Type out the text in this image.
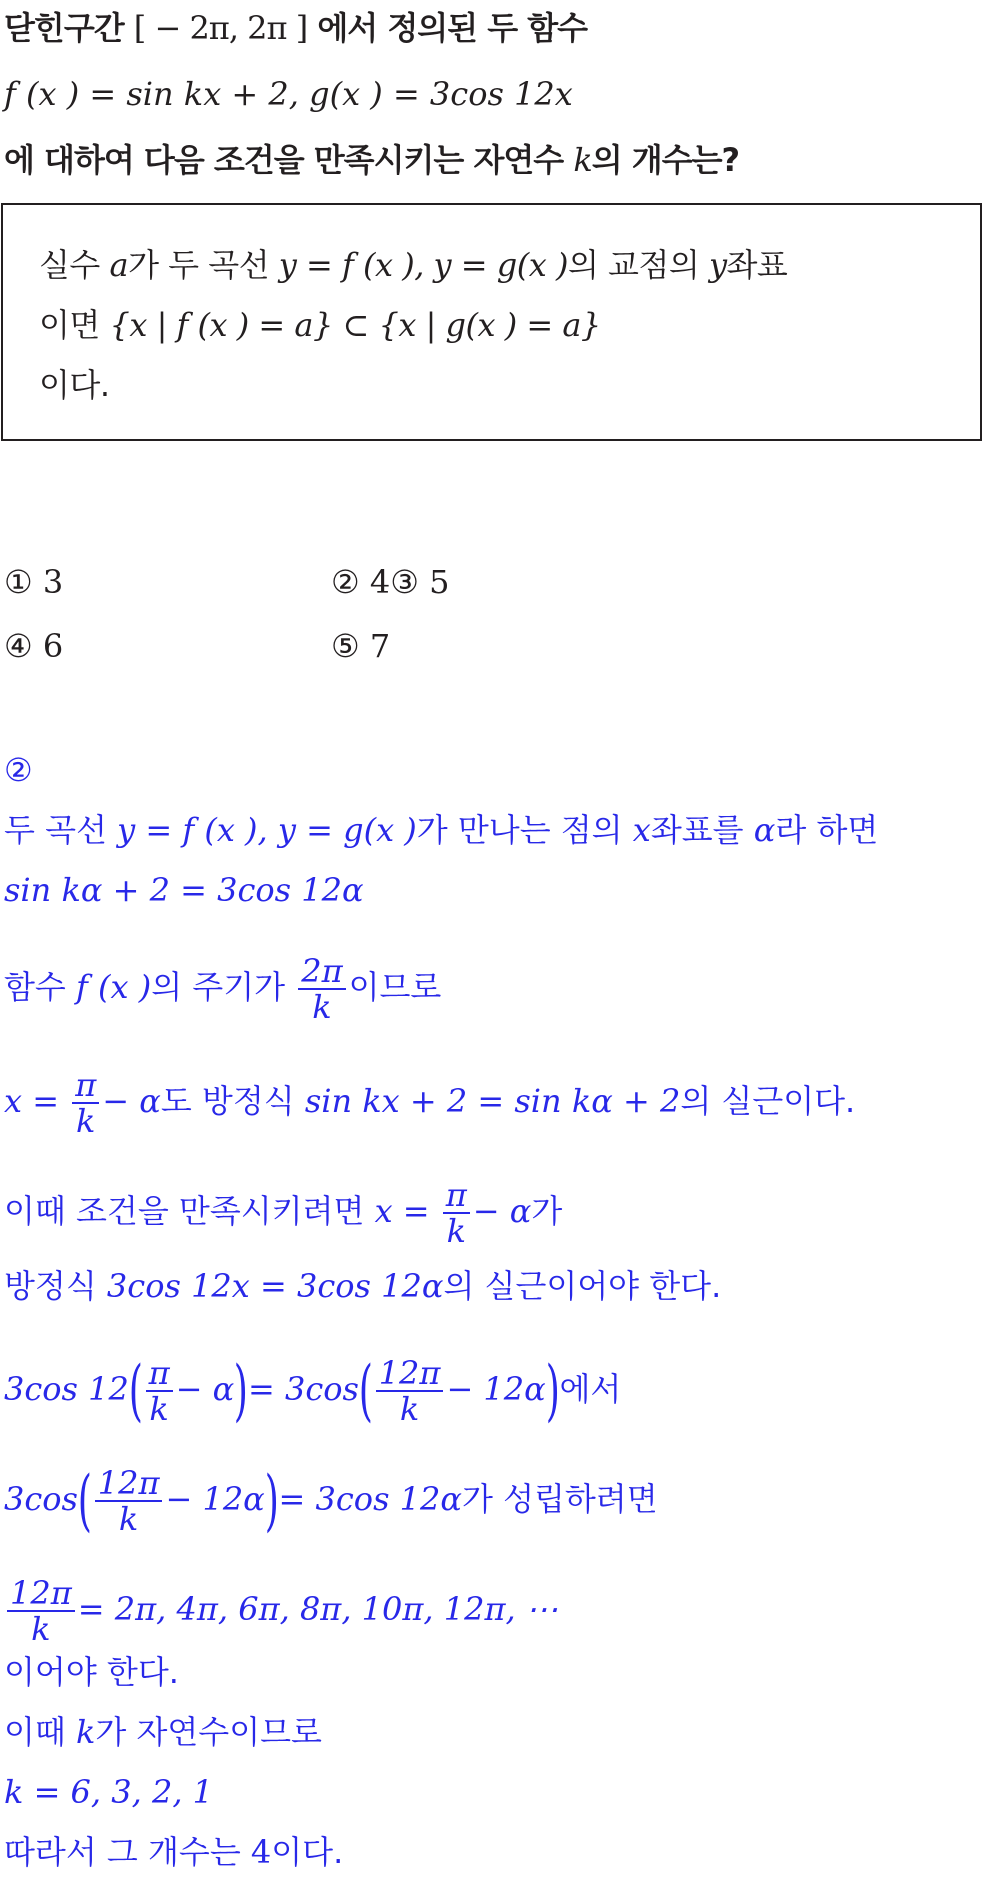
닫힌구간 [ − 2π, 2π ] 에서 정의된 두 함수
f (x ) = sin kx + 2, g(x ) = 3cos 12x
에 대하여 다음 조건을 만족시키는 자연수 k의 개수는?
실수 a가 두 곡선 y = f (x ), y = g(x )의 교점의 y좌표
이면 {x | f (x ) = a} ⊂ {x | g(x ) = a}
이다.
① 3	② 4③ 5
④ 6	⑤ 7
②
두 곡선 y = f (x ), y = g(x )가 만나는 점의 x좌표를 α라 하면
sin kα + 2 = 3cos 12α
함수 f (x )의 주기가 $\frac{2\pi}{k}$ 이므로
$x = \frac{\pi}{k} - \alpha$도 방정식 sin kx + 2 = sin kα + 2의 실근이다.
이때 조건을 만족시키려면 $x = \frac{\pi}{k} - \alpha$가
방정식 3cos 12x = 3cos 12α의 실근이어야 한다.
3cos $12( \frac{\pi}{k} - \alpha)= 3\cos( \frac{12\pi}{k} - 12\alpha)$에서
$3\cos( \frac{12\pi}{k} - 12\alpha)= 3\cos$ 12α가 성립하려면
$\frac{12\pi}{k} = 2\pi$, 4π, 6π, 8π, 10π, 12π, ⋯
이어야 한다.
이때 k가 자연수이므로
k = 6, 3, 2, 1
따라서 그 개수는 4이다.
